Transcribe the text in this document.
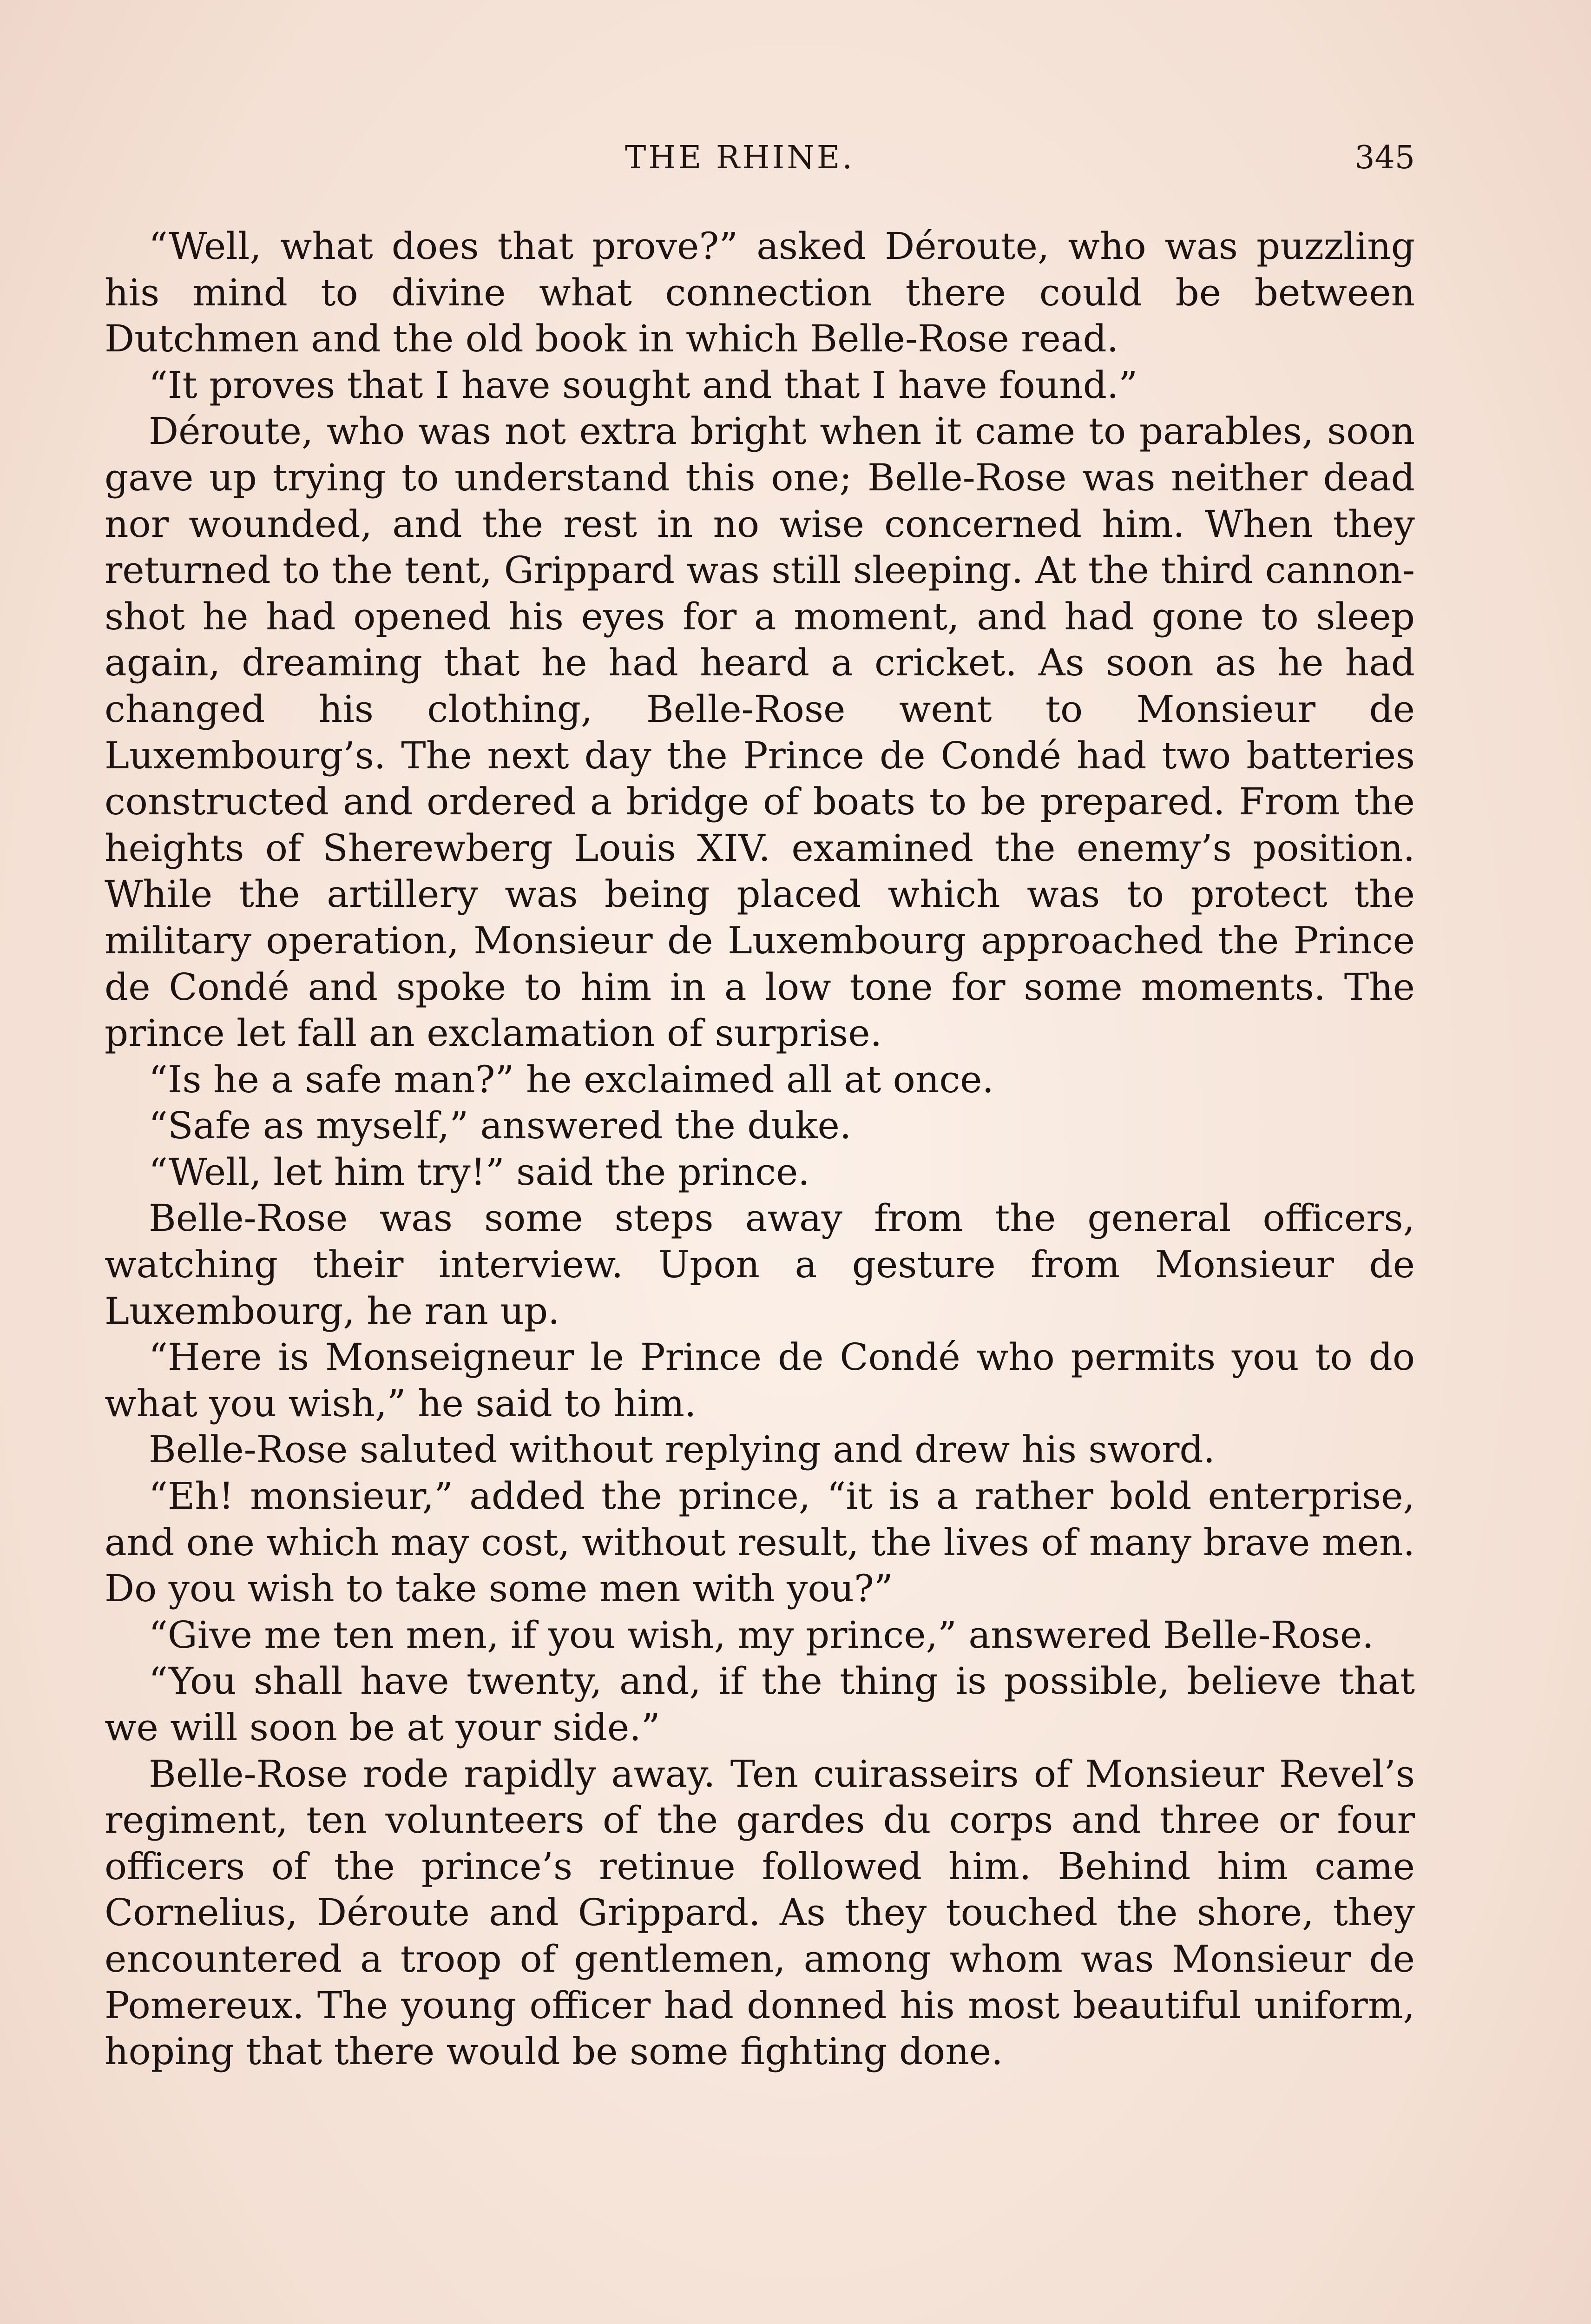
THE RHINE.	345

“Well, what does that prove?” asked Déroute, who was puzzling his mind to divine what connection there could be between Dutchmen and the old book in which Belle-Rose read.

“It proves that I have sought and that I have found.”

Déroute, who was not extra bright when it came to parables, soon gave up trying to understand this one; Belle-Rose was neither dead nor wounded, and the rest in no wise concerned him. When they returned to the tent, Grippard was still sleeping. At the third cannon-shot he had opened his eyes for a moment, and had gone to sleep again, dreaming that he had heard a cricket. As soon as he had changed his clothing, Belle-Rose went to Monsieur de Luxembourg’s. The next day the Prince de Condé had two batteries constructed and ordered a bridge of boats to be prepared. From the heights of Sherewberg Louis XIV. examined the enemy’s position. While the artillery was being placed which was to protect the military operation, Monsieur de Luxembourg approached the Prince de Condé and spoke to him in a low tone for some moments. The prince let fall an exclamation of surprise.

“Is he a safe man?” he exclaimed all at once.

“Safe as myself,” answered the duke.

“Well, let him try!” said the prince.

Belle-Rose was some steps away from the general officers, watching their interview. Upon a gesture from Monsieur de Luxembourg, he ran up.

“Here is Monseigneur le Prince de Condé who permits you to do what you wish,” he said to him.

Belle-Rose saluted without replying and drew his sword.

“Eh! monsieur,” added the prince, “it is a rather bold enterprise, and one which may cost, without result, the lives of many brave men. Do you wish to take some men with you?”

“Give me ten men, if you wish, my prince,” answered Belle-Rose.

“You shall have twenty, and, if the thing is possible, believe that we will soon be at your side.”

Belle-Rose rode rapidly away. Ten cuirasseirs of Monsieur Revel’s regiment, ten volunteers of the gardes du corps and three or four officers of the prince’s retinue followed him. Behind him came Cornelius, Déroute and Grippard. As they touched the shore, they encountered a troop of gentlemen, among whom was Monsieur de Pomereux. The young officer had donned his most beautiful uniform, hoping that there would be some fighting done.
